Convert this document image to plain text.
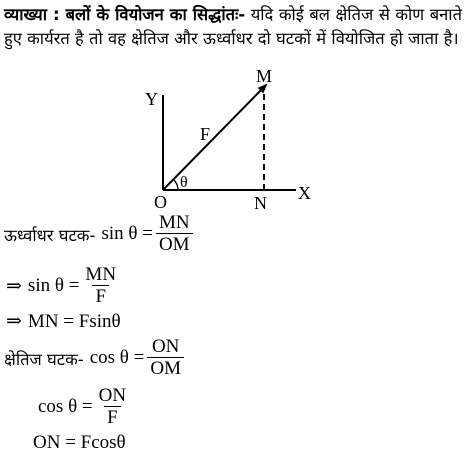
व्याख्या : बलों के वियोजन का सिद्धांतः- यदि कोई बल क्षेतिज से कोण बनाते हुए कार्यरत है तो वह क्षेतिज और ऊर्ध्वाधर दो घटकों में वियोजित हो जाता है।
Y
X
O
M
N
F
θ
ऊर्ध्वाधर घटक- $\sin \theta = \frac{MN}{OM}$
⇒ $\sin \theta = \frac{MN}{F}$
⇒ MN = Fsinθ
क्षेतिज घटक- $\cos \theta = \frac{ON}{OM}$
$\cos \theta = \frac{ON}{F}$
ON = Fcosθ
